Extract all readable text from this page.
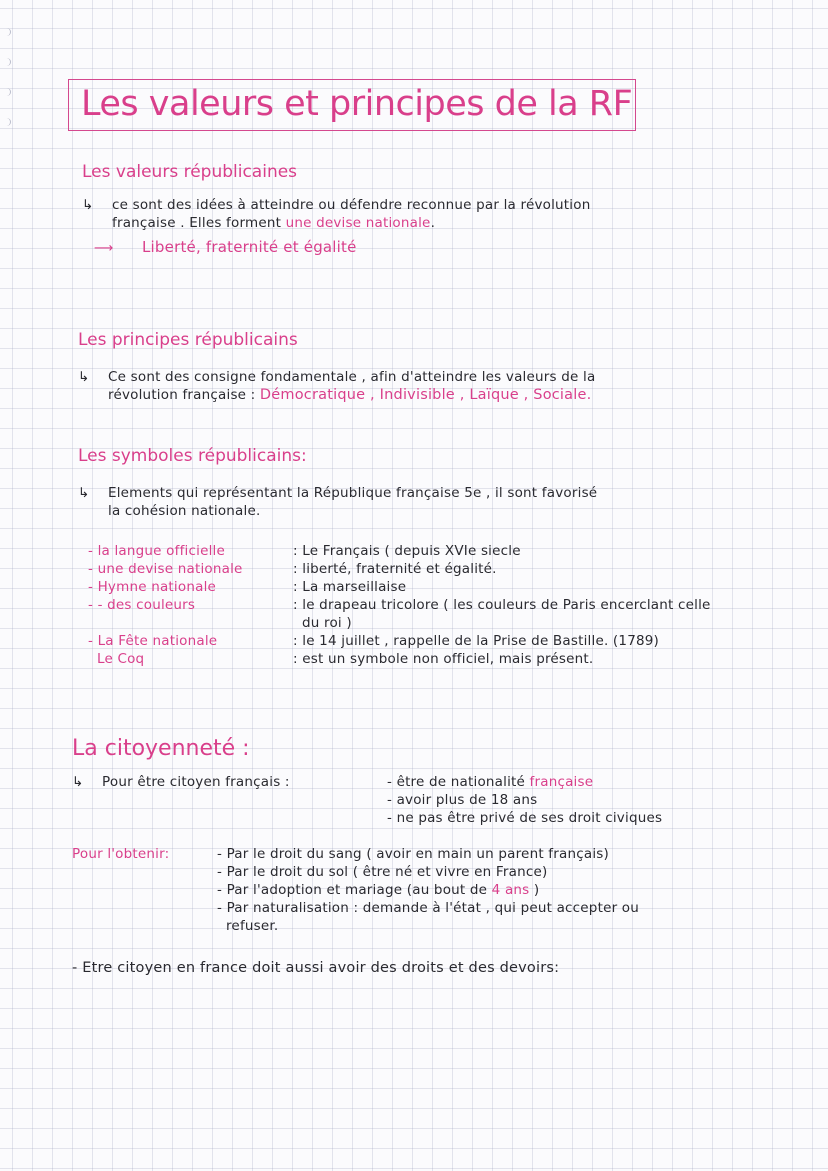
Les valeurs et principes de la RF
Les valeurs républicaines
↳ ce sont des idées à atteindre ou défendre reconnue par la révolution
française . Elles forment une devise nationale.
⟶ Liberté, fraternité et égalité
Les principes républicains
↳ Ce sont des consigne fondamentale , afin d'atteindre les valeurs de la
révolution française : Démocratique , Indivisible , Laïque , Sociale.
Les symboles républicains:
↳ Elements qui représentant la République française 5e , il sont favorisé
la cohésion nationale.
- la langue officielle	: Le Français ( depuis XVIe siecle
- une devise nationale	: liberté, fraternité et égalité.
- Hymne nationale	: La marseillaise
- - des couleurs	: le drapeau tricolore ( les couleurs de Paris encerclant celle
du roi )
- La Fête nationale	: le 14 juillet , rappelle de la Prise de Bastille. (1789)
Le Coq	: est un symbole non officiel, mais présent.
La citoyenneté :
↳ Pour être citoyen français :	- être de nationalité française
- avoir plus de 18 ans
- ne pas être privé de ses droit civiques
Pour l'obtenir:	- Par le droit du sang ( avoir en main un parent français)
- Par le droit du sol ( être né et vivre en France)
- Par l'adoption et mariage (au bout de 4 ans )
- Par naturalisation : demande à l'état , qui peut accepter ou
refuser.
- Etre citoyen en france doit aussi avoir des droits et des devoirs:
